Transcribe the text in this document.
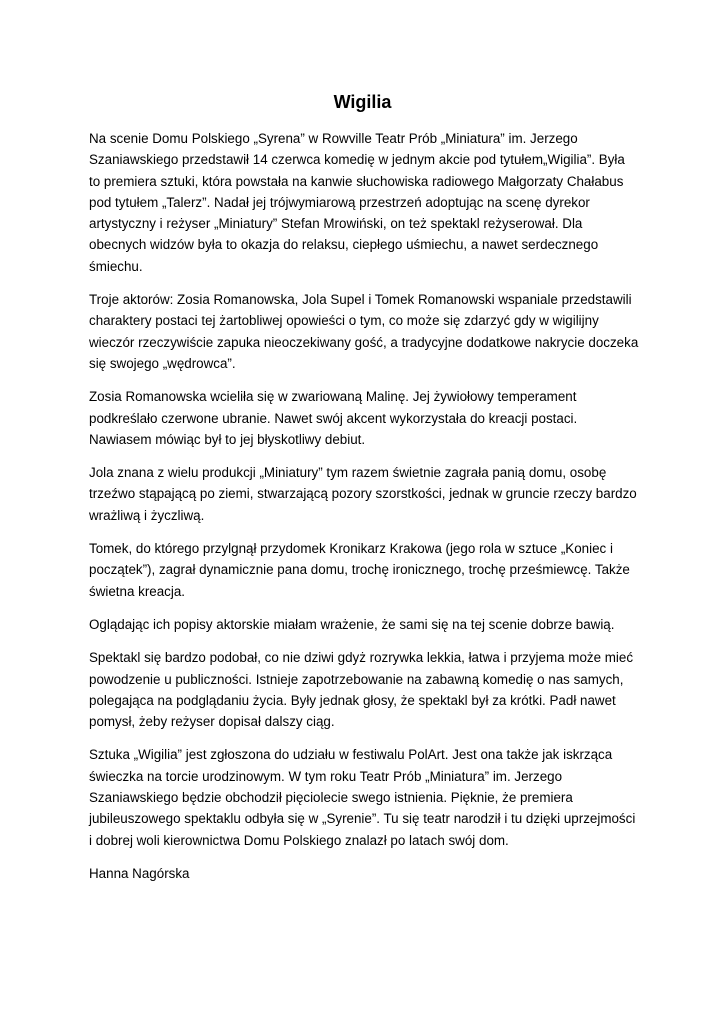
Wigilia

Na scenie Domu Polskiego „Syrena” w Rowville Teatr Prób „Miniatura” im. Jerzego
Szaniawskiego przedstawił 14 czerwca komedię w jednym akcie pod tytułem„Wigilia”. Była
to premiera sztuki, która powstała na kanwie słuchowiska radiowego Małgorzaty Chałabus
pod tytułem „Talerz”. Nadał jej trójwymiarową przestrzeń adoptując na scenę dyrekor
artystyczny i reżyser „Miniatury” Stefan Mrowiński, on też spektakl reżyserował. Dla
obecnych widzów była to okazja do relaksu, ciepłego uśmiechu, a nawet serdecznego
śmiechu.

Troje aktorów: Zosia Romanowska, Jola Supel i Tomek Romanowski wspaniale przedstawili
charaktery postaci tej żartobliwej opowieści o tym, co może się zdarzyć gdy w wigilijny
wieczór rzeczywiście zapuka nieoczekiwany gość, a tradycyjne dodatkowe nakrycie doczeka
się swojego „wędrowca”.

Zosia Romanowska wcieliła się w zwariowaną Malinę. Jej żywiołowy temperament
podkreślało czerwone ubranie. Nawet swój akcent wykorzystała do kreacji postaci.
Nawiasem mówiąc był to jej błyskotliwy debiut.

Jola znana z wielu produkcji „Miniatury” tym razem świetnie zagrała panią domu, osobę
trzeźwo stąpającą po ziemi, stwarzającą pozory szorstkości, jednak w gruncie rzeczy bardzo
wrażliwą i życzliwą.

Tomek, do którego przylgnął przydomek Kronikarz Krakowa (jego rola w sztuce „Koniec i
początek”), zagrał dynamicznie pana domu, trochę ironicznego, trochę prześmiewcę. Także
świetna kreacja.

Oglądając ich popisy aktorskie miałam wrażenie, że sami się na tej scenie dobrze bawią.

Spektakl się bardzo podobał, co nie dziwi gdyż rozrywka lekkia, łatwa i przyjema może mieć
powodzenie u publiczności. Istnieje zapotrzebowanie na zabawną komedię o nas samych,
polegająca na podglądaniu życia. Były jednak głosy, że spektakl był za krótki. Padł nawet
pomysł, żeby reżyser dopisał dalszy ciąg.

Sztuka „Wigilia” jest zgłoszona do udziału w festiwalu PolArt. Jest ona także jak iskrząca
świeczka na torcie urodzinowym. W tym roku Teatr Prób „Miniatura” im. Jerzego
Szaniawskiego będzie obchodził pięciolecie swego istnienia. Pięknie, że premiera
jubileuszowego spektaklu odbyła się w „Syrenie”. Tu się teatr narodził i tu dzięki uprzejmości
i dobrej woli kierownictwa Domu Polskiego znalazł po latach swój dom.

Hanna Nagórska
